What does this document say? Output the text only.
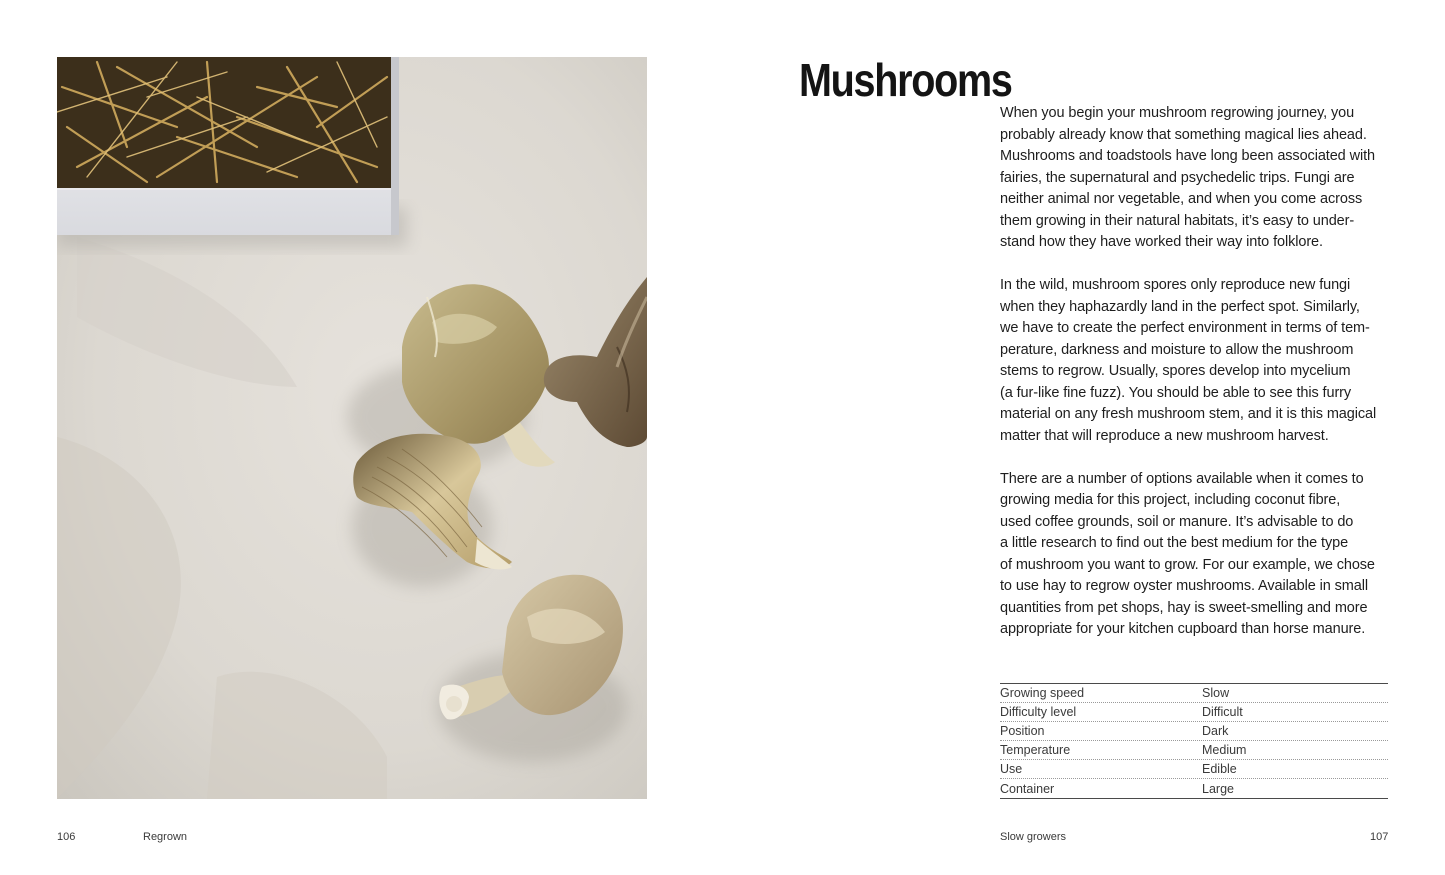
Mushrooms

When you begin your mushroom regrowing journey, you
probably already know that something magical lies ahead.
Mushrooms and toadstools have long been associated with
fairies, the supernatural and psychedelic trips. Fungi are
neither animal nor vegetable, and when you come across
them growing in their natural habitats, it’s easy to under-
stand how they have worked their way into folklore.

In the wild, mushroom spores only reproduce new fungi
when they haphazardly land in the perfect spot. Similarly,
we have to create the perfect environment in terms of tem-
perature, darkness and moisture to allow the mushroom
stems to regrow. Usually, spores develop into mycelium
(a fur-like fine fuzz). You should be able to see this furry
material on any fresh mushroom stem, and it is this magical
matter that will reproduce a new mushroom harvest.

There are a number of options available when it comes to
growing media for this project, including coconut fibre,
used coffee grounds, soil or manure. It’s advisable to do
a little research to find out the best medium for the type
of mushroom you want to grow. For our example, we chose
to use hay to regrow oyster mushrooms. Available in small
quantities from pet shops, hay is sweet-smelling and more
appropriate for your kitchen cupboard than horse manure.

Growing speed	Slow
Difficulty level	Difficult
Position	Dark
Temperature	Medium
Use	Edible
Container	Large
106	Regrown	Slow growers	107
